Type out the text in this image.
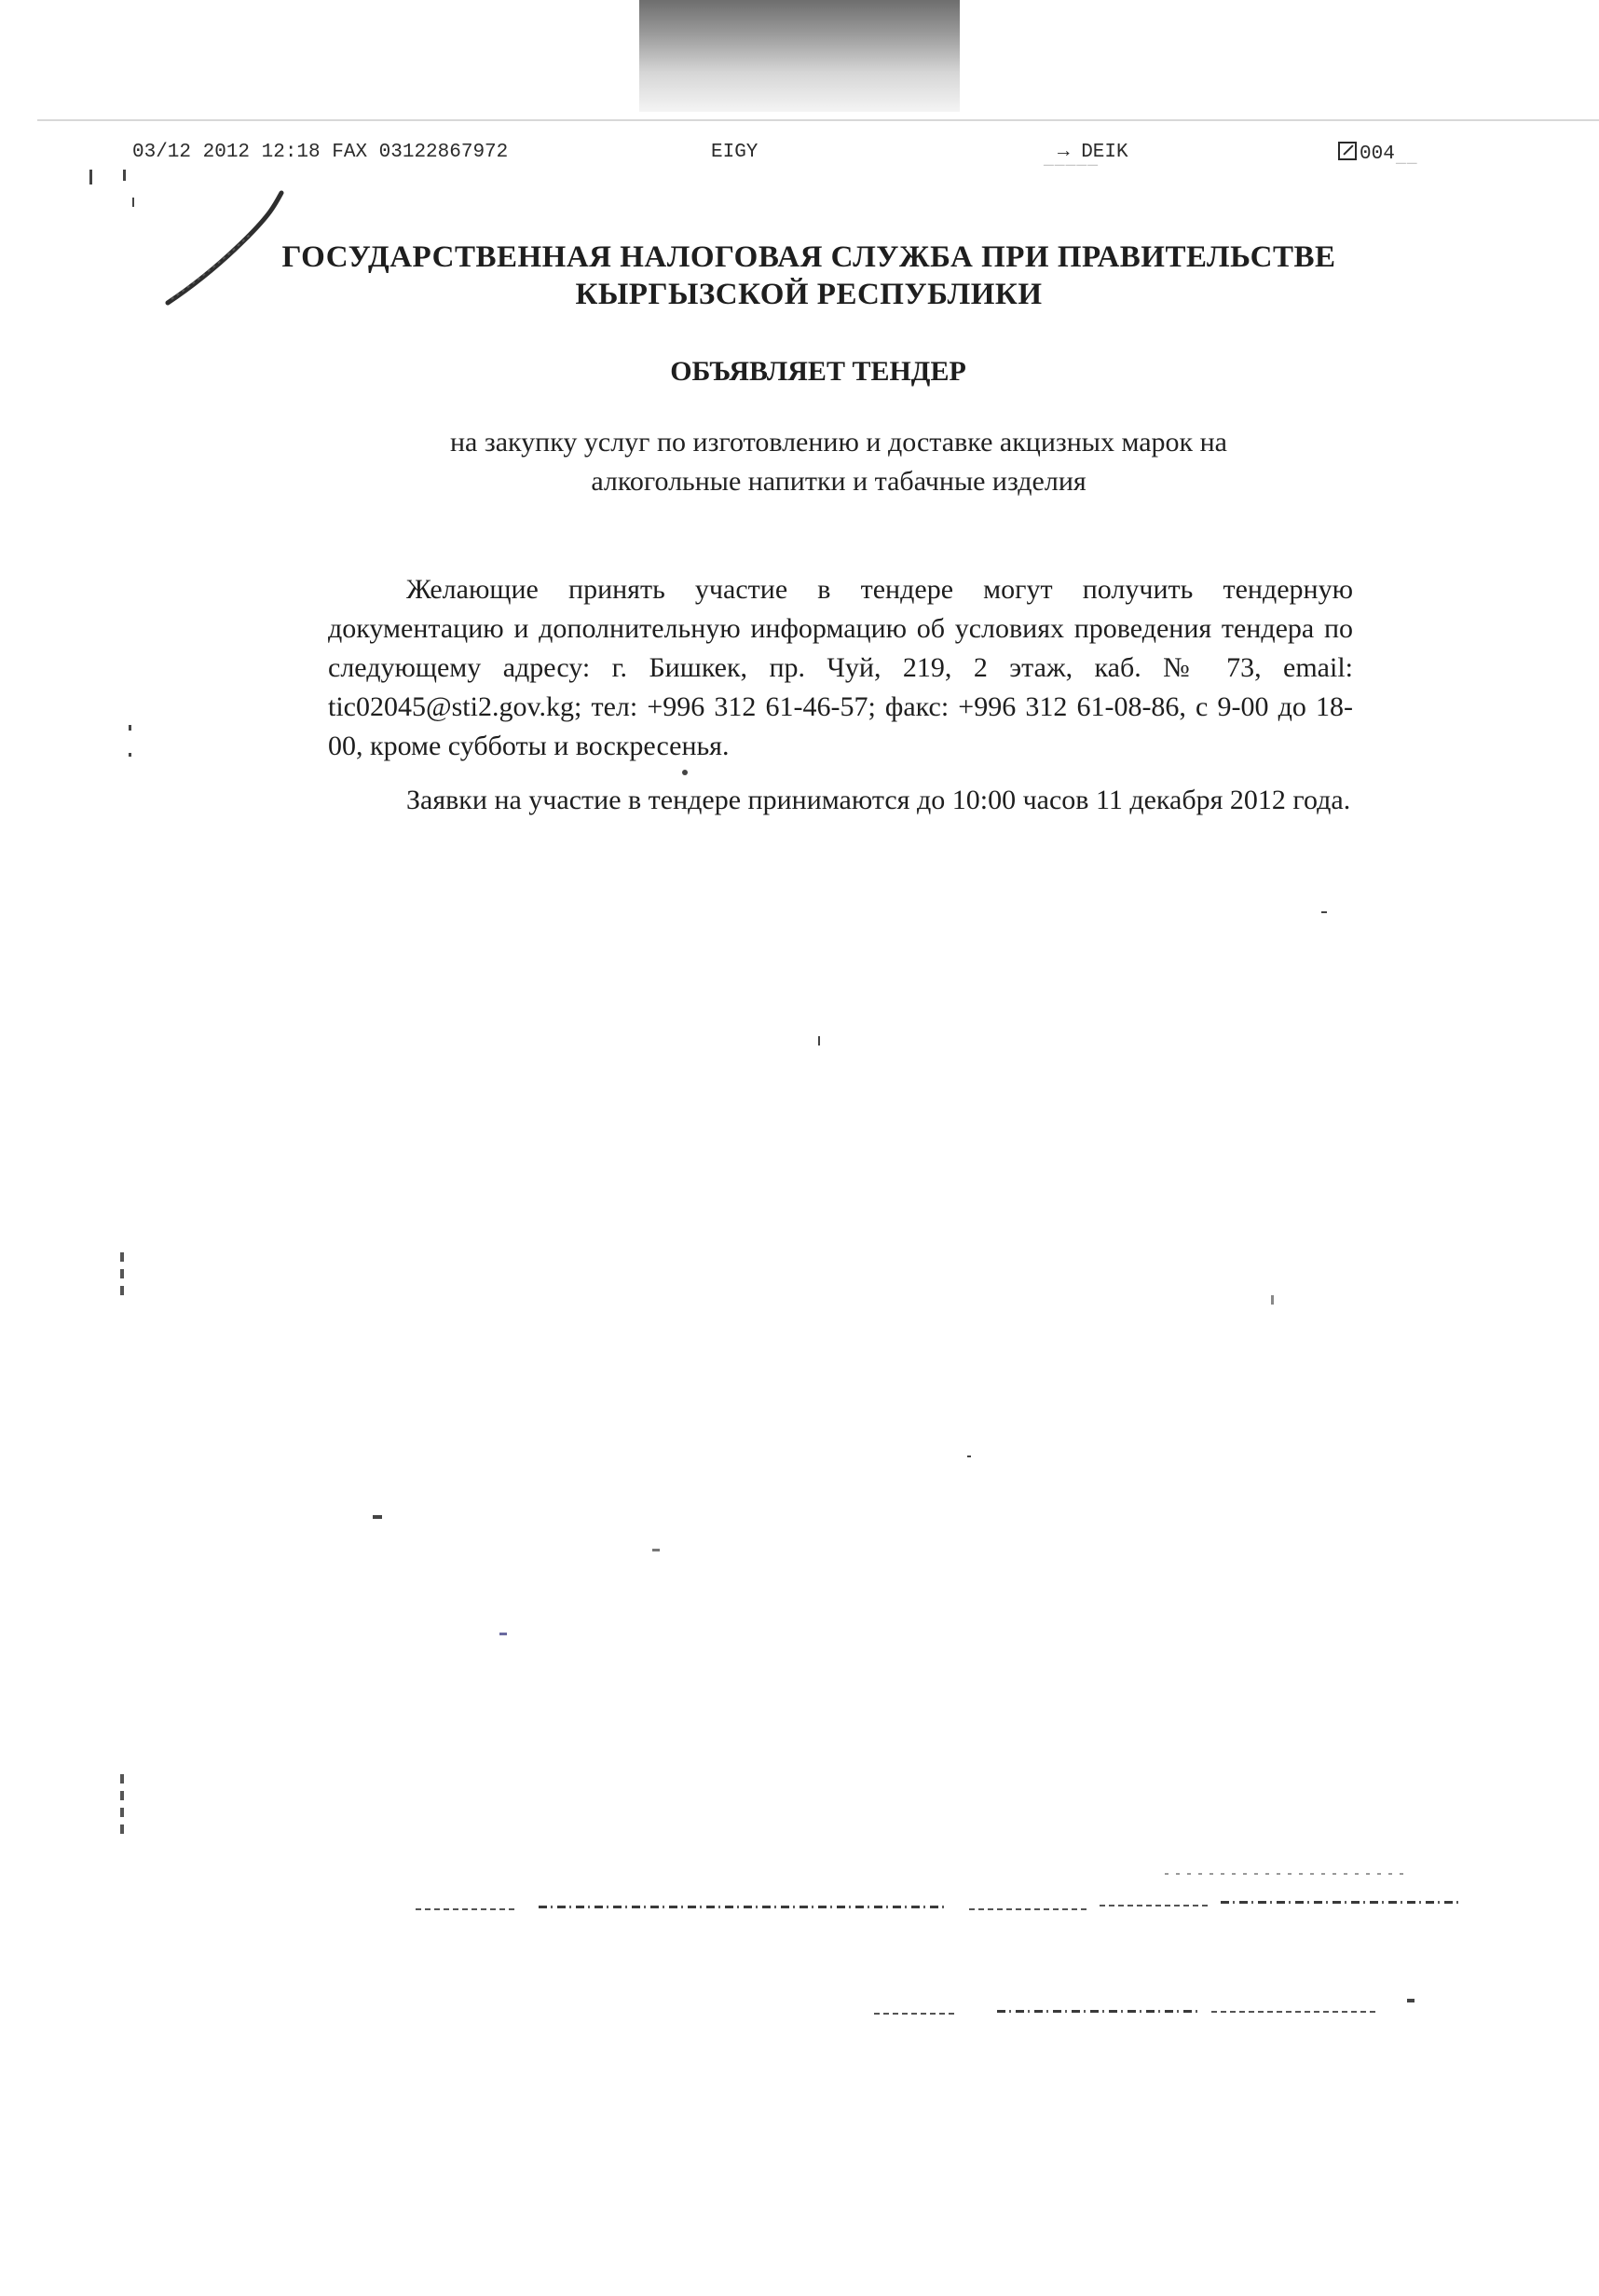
03/12 2012 12:18 FAX 03122867972	EIGY	→ DEIK	004
—————	——
ГОСУДАРСТВЕННАЯ НАЛОГОВАЯ СЛУЖБА ПРИ ПРАВИТЕЛЬСТВЕ
КЫРГЫЗСКОЙ РЕСПУБЛИКИ
ОБЪЯВЛЯЕТ ТЕНДЕР
на закупку услуг по изготовлению и доставке акцизных марок на
алкогольные напитки и табачные изделия
Желающие принять участие в тендере могут получить тендерную документацию и дополнительную информацию об условиях проведения тендера по следующему адресу: г. Бишкек, пр. Чуй, 219, 2 этаж, каб. № 73, email: tic02045@sti2.gov.kg; тел: +996 312 61-46-57; факс: +996 312 61-08-86, с 9-00 до 18-00, кроме субботы и воскресенья.
Заявки на участие в тендере принимаются до 10:00 часов 11 декабря 2012 года.
